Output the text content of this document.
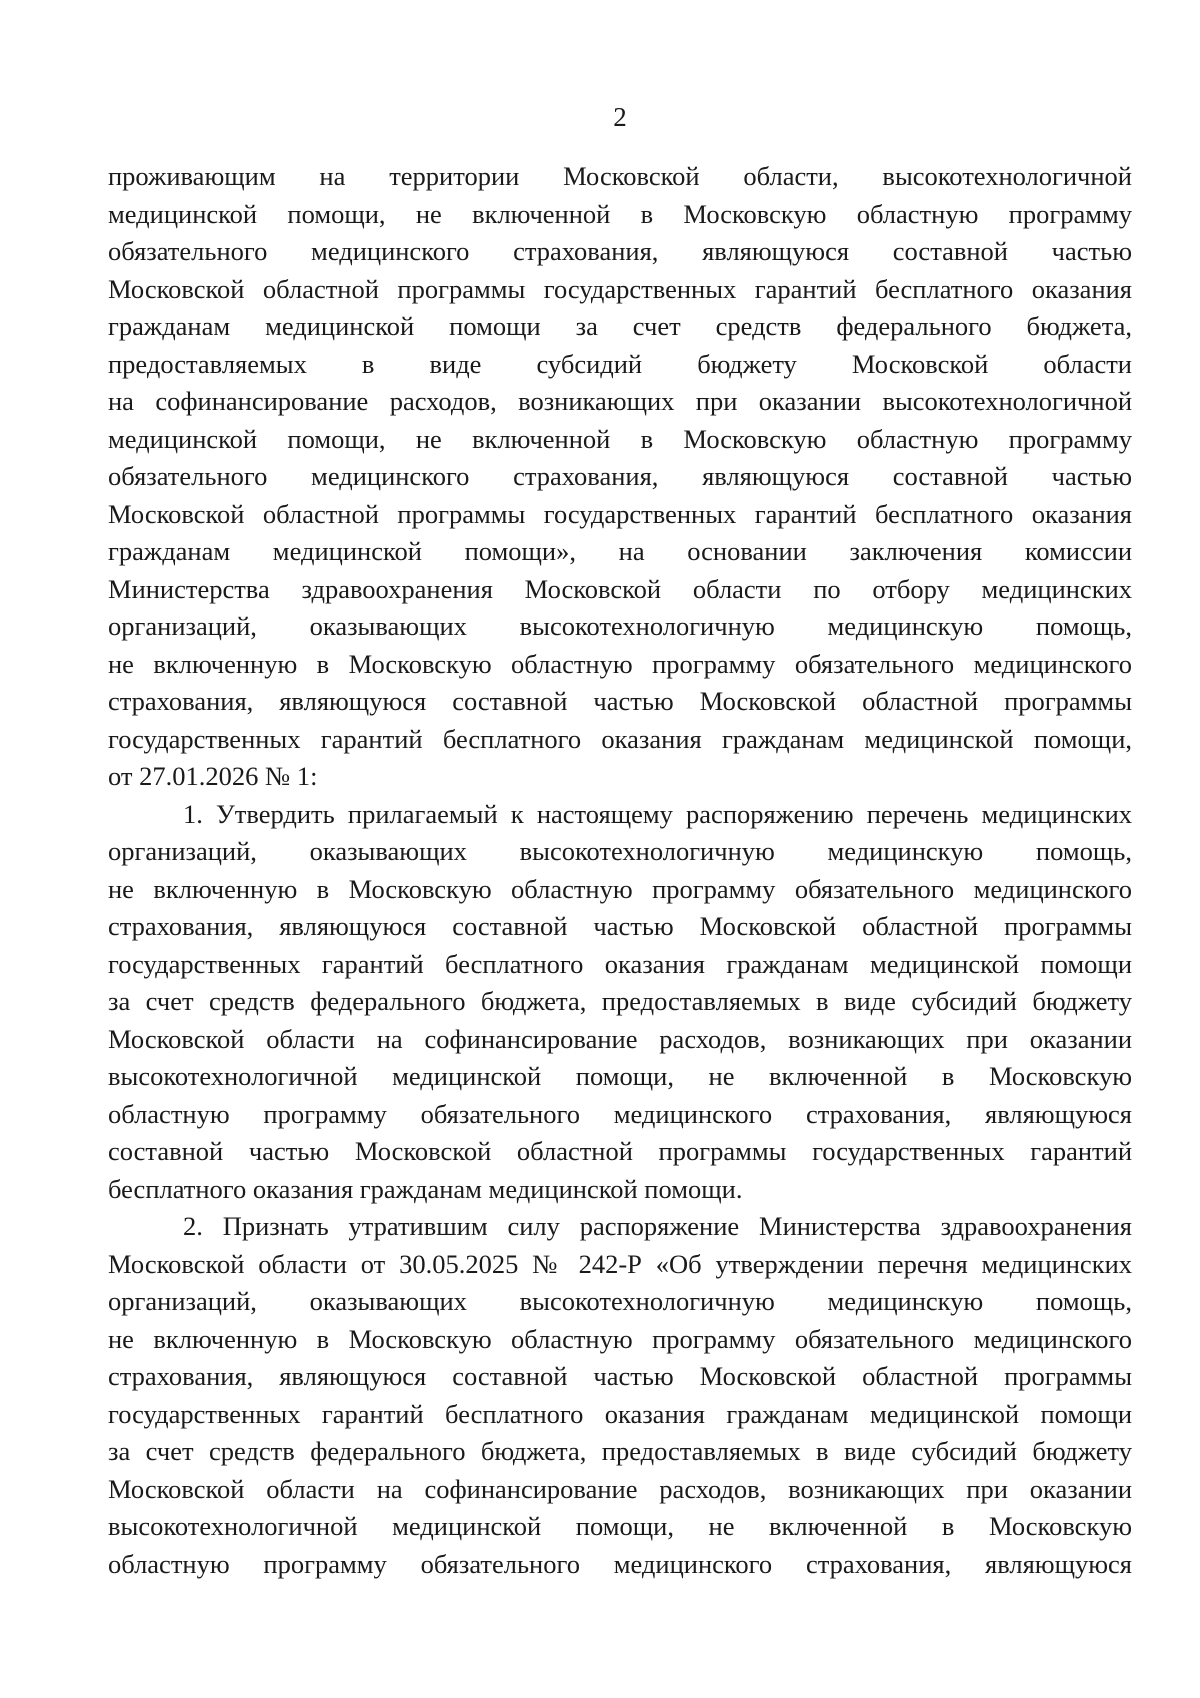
2
проживающим на территории Московской области, высокотехнологичной
медицинской помощи, не включенной в Московскую областную программу
обязательного медицинского страхования, являющуюся составной частью
Московской областной программы государственных гарантий бесплатного оказания
гражданам медицинской помощи за счет средств федерального бюджета,
предоставляемых в виде субсидий бюджету Московской области
на софинансирование расходов, возникающих при оказании высокотехнологичной
медицинской помощи, не включенной в Московскую областную программу
обязательного медицинского страхования, являющуюся составной частью
Московской областной программы государственных гарантий бесплатного оказания
гражданам медицинской помощи», на основании заключения комиссии
Министерства здравоохранения Московской области по отбору медицинских
организаций, оказывающих высокотехнологичную медицинскую помощь,
не включенную в Московскую областную программу обязательного медицинского
страхования, являющуюся составной частью Московской областной программы
государственных гарантий бесплатного оказания гражданам медицинской помощи,
от 27.01.2026 № 1:
1. Утвердить прилагаемый к настоящему распоряжению перечень медицинских
организаций, оказывающих высокотехнологичную медицинскую помощь,
не включенную в Московскую областную программу обязательного медицинского
страхования, являющуюся составной частью Московской областной программы
государственных гарантий бесплатного оказания гражданам медицинской помощи
за счет средств федерального бюджета, предоставляемых в виде субсидий бюджету
Московской области на софинансирование расходов, возникающих при оказании
высокотехнологичной медицинской помощи, не включенной в Московскую
областную программу обязательного медицинского страхования, являющуюся
составной частью Московской областной программы государственных гарантий
бесплатного оказания гражданам медицинской помощи.
2. Признать утратившим силу распоряжение Министерства здравоохранения
Московской области от 30.05.2025 № 242-Р «Об утверждении перечня медицинских
организаций, оказывающих высокотехнологичную медицинскую помощь,
не включенную в Московскую областную программу обязательного медицинского
страхования, являющуюся составной частью Московской областной программы
государственных гарантий бесплатного оказания гражданам медицинской помощи
за счет средств федерального бюджета, предоставляемых в виде субсидий бюджету
Московской области на софинансирование расходов, возникающих при оказании
высокотехнологичной медицинской помощи, не включенной в Московскую
областную программу обязательного медицинского страхования, являющуюся
